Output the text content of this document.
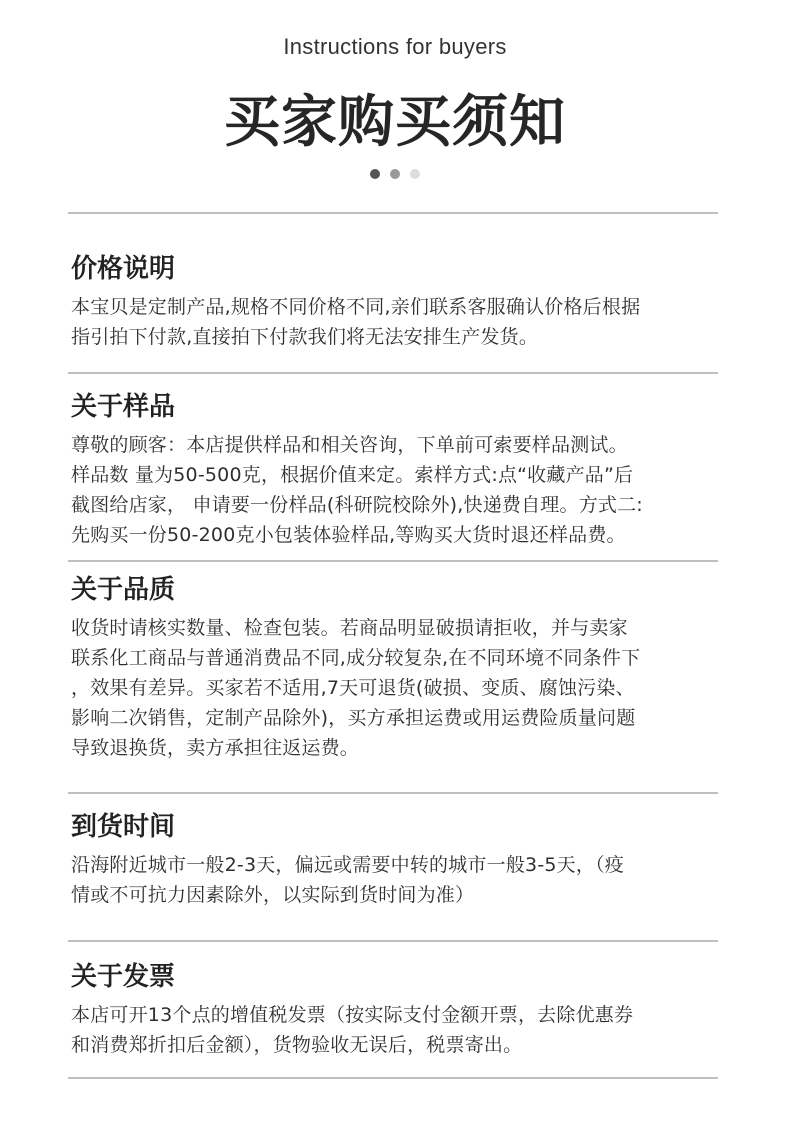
Instructions for buyers
买家购买须知

价格说明
本宝贝是定制产品,规格不同价格不同,亲们联系客服确认价格后根据
指引拍下付款,直接拍下付款我们将无法安排生产发货。
关于样品
尊敬的顾客：本店提供样品和相关咨询，下单前可索要样品测试。
样品数 量为50-500克，根据价值来定。索样方式:点“收藏产品”后
截图给店家， 申请要一份样品(科研院校除外),快递费自理。方式二:
先购买一份50-200克小包装体验样品,等购买大货时退还样品费。
关于品质
收货时请核实数量、检查包装。若商品明显破损请拒收，并与卖家
联系化工商品与普通消费品不同,成分较复杂,在不同环境不同条件下
，效果有差异。买家若不适用,7天可退货(破损、变质、腐蚀污染、
影响二次销售，定制产品除外)，买方承担运费或用运费险质量问题
导致退换货，卖方承担往返运费。
到货时间
沿海附近城市一般2-3天，偏远或需要中转的城市一般3-5天，（疫
情或不可抗力因素除外，以实际到货时间为准）
关于发票
本店可开13个点的增值税发票（按实际支付金额开票，去除优惠券
和消费郑折扣后金额），货物验收无误后，税票寄出。
